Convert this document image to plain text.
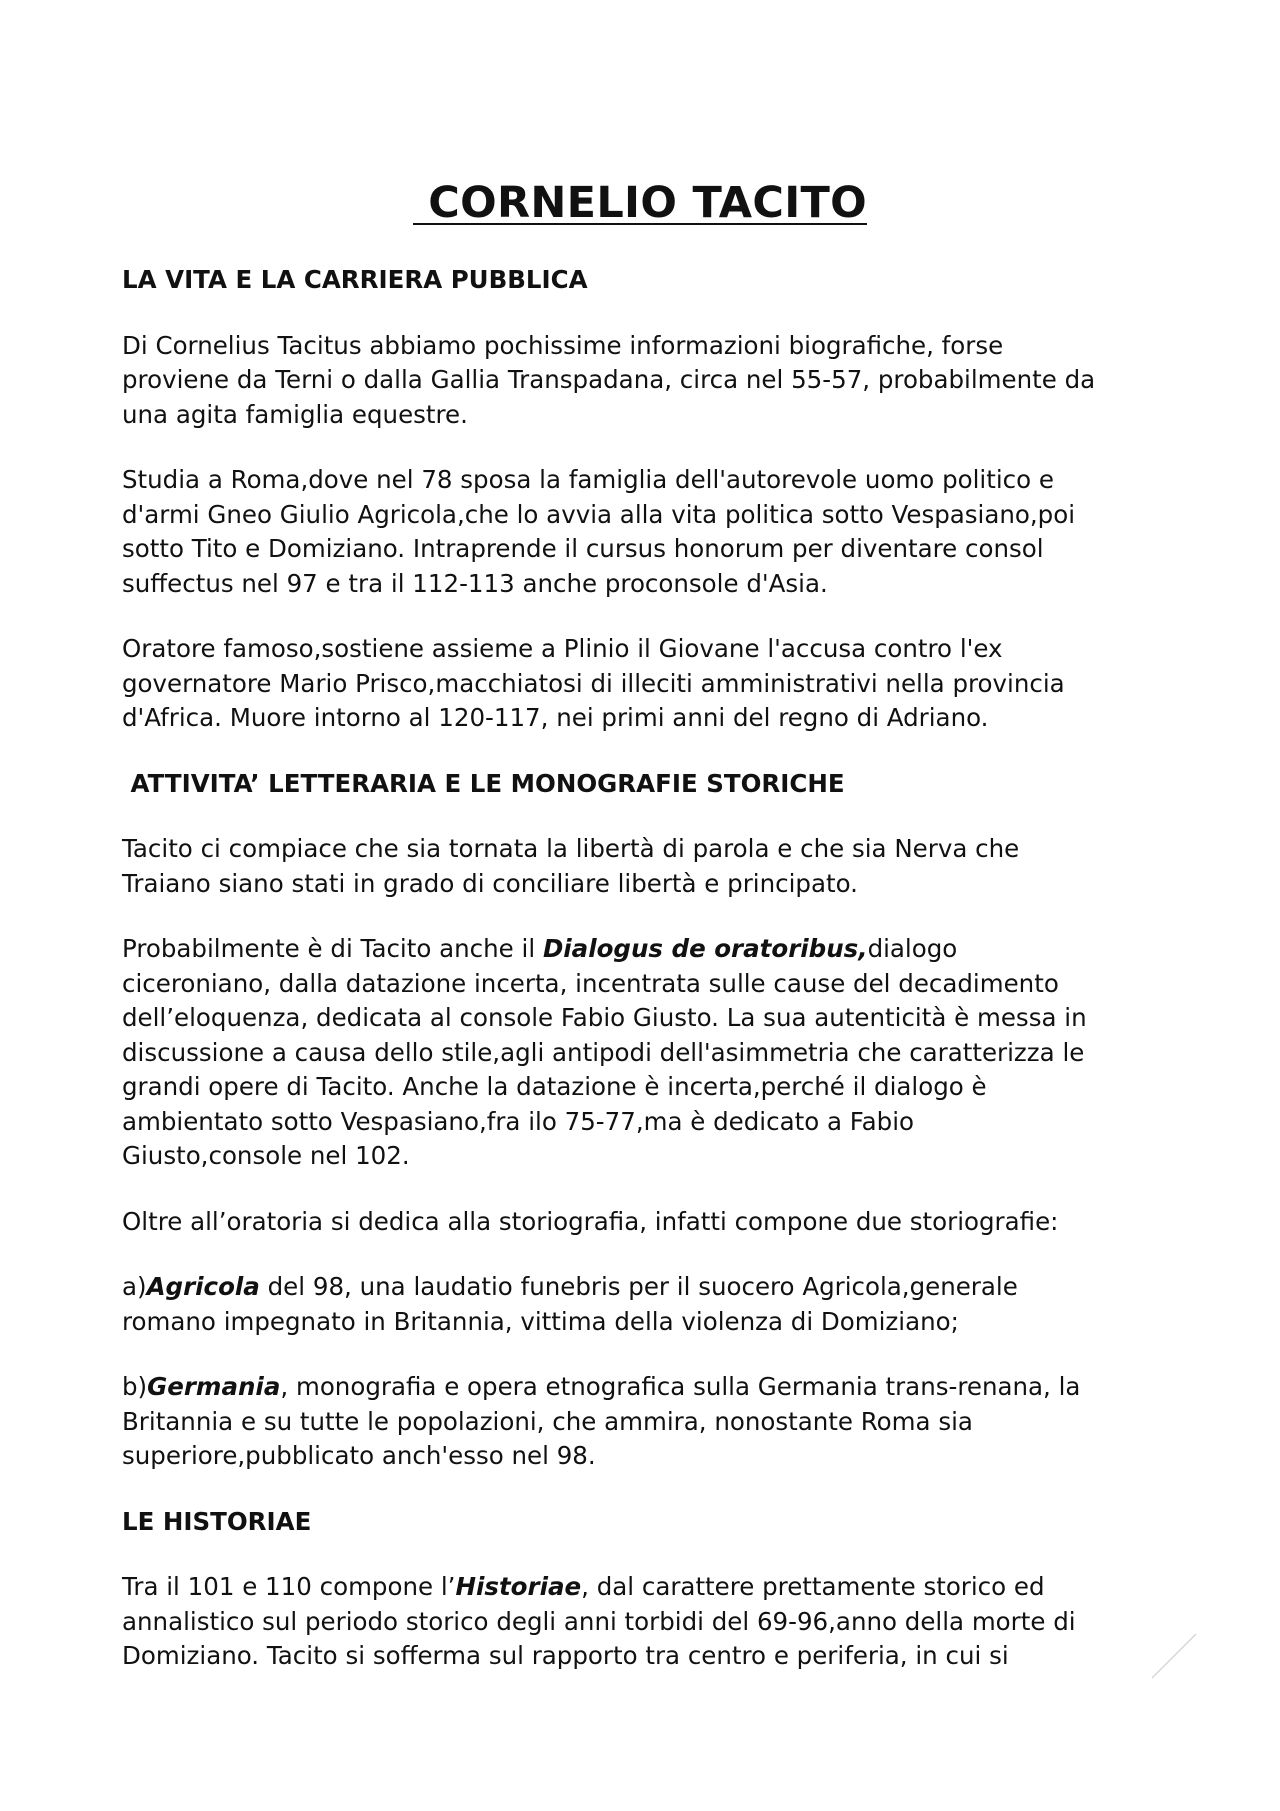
CORNELIO TACITO
LA VITA E LA CARRIERA PUBBLICA
Di Cornelius Tacitus abbiamo pochissime informazioni biografiche, forse
proviene da Terni o dalla Gallia Transpadana, circa nel 55-57, probabilmente da
una agita famiglia equestre.
Studia a Roma,dove nel 78 sposa la famiglia dell'autorevole uomo politico e
d'armi Gneo Giulio Agricola,che lo avvia alla vita politica sotto Vespasiano,poi
sotto Tito e Domiziano. Intraprende il cursus honorum per diventare consol
suffectus nel 97 e tra il 112-113 anche proconsole d'Asia.
Oratore famoso,sostiene assieme a Plinio il Giovane l'accusa contro l'ex
governatore Mario Prisco,macchiatosi di illeciti amministrativi nella provincia
d'Africa. Muore intorno al 120-117, nei primi anni del regno di Adriano.
ATTIVITA’ LETTERARIA E LE MONOGRAFIE STORICHE
Tacito ci compiace che sia tornata la libertà di parola e che sia Nerva che
Traiano siano stati in grado di conciliare libertà e principato.
Probabilmente è di Tacito anche il Dialogus de oratoribus,dialogo
ciceroniano, dalla datazione incerta, incentrata sulle cause del decadimento
dell’eloquenza, dedicata al console Fabio Giusto. La sua autenticità è messa in
discussione a causa dello stile,agli antipodi dell'asimmetria che caratterizza le
grandi opere di Tacito. Anche la datazione è incerta,perché il dialogo è
ambientato sotto Vespasiano,fra ilo 75-77,ma è dedicato a Fabio
Giusto,console nel 102.
Oltre all’oratoria si dedica alla storiografia, infatti compone due storiografie:
a)Agricola del 98, una laudatio funebris per il suocero Agricola,generale
romano impegnato in Britannia, vittima della violenza di Domiziano;
b)Germania, monografia e opera etnografica sulla Germania trans-renana, la
Britannia e su tutte le popolazioni, che ammira, nonostante Roma sia
superiore,pubblicato anch'esso nel 98.
LE HISTORIAE
Tra il 101 e 110 compone l’Historiae, dal carattere prettamente storico ed
annalistico sul periodo storico degli anni torbidi del 69-96,anno della morte di
Domiziano. Tacito si sofferma sul rapporto tra centro e periferia, in cui si
